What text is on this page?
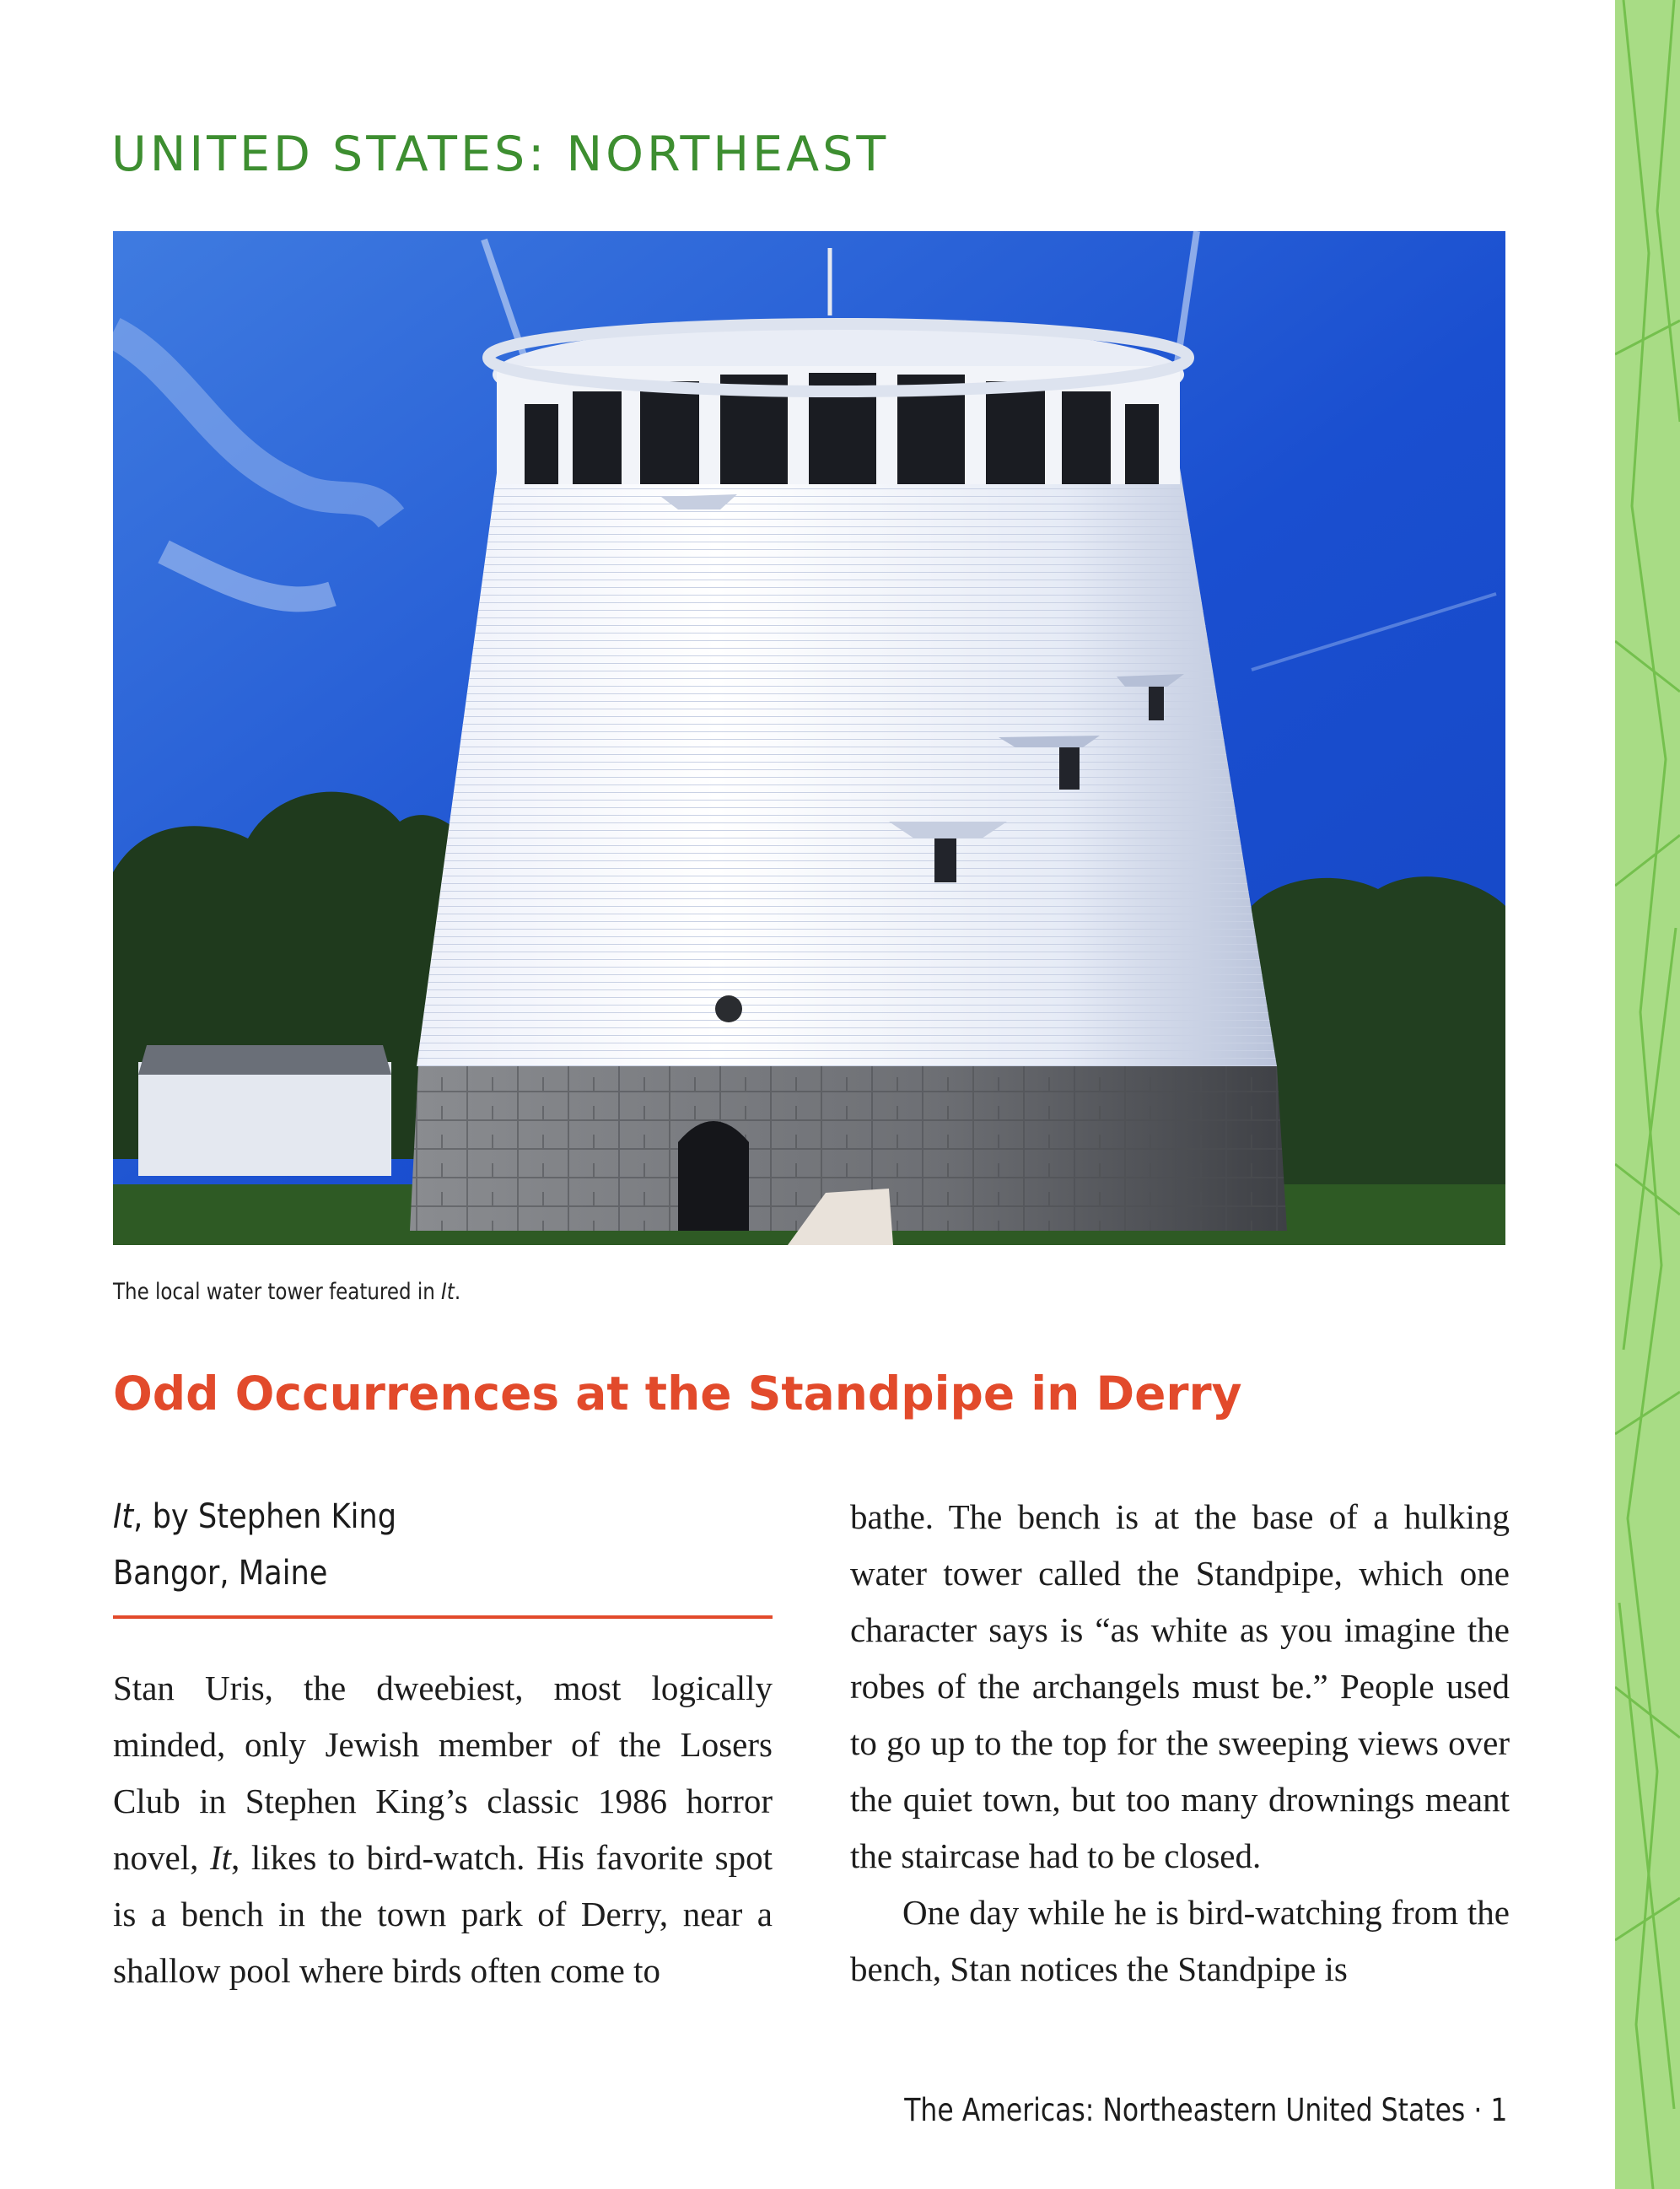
UNITED STATES: NORTHEAST
The local water tower featured in It.
Odd Occurrences at the Standpipe in Derry
It, by Stephen King
Bangor, Maine

Stan Uris, the dweebiest, most logically minded, only Jewish member of the Losers Club in Stephen King’s classic 1986 horror novel, It, likes to bird-watch. His favorite spot is a bench in the town park of Derry, near a shallow pool where birds often come to

bathe. The bench is at the base of a hulking water tower called the Standpipe, which one character says is “as white as you imagine the robes of the archangels must be.” People used to go up to the top for the sweeping views over the quiet town, but too many drownings meant the staircase had to be closed.

One day while he is bird-watching from the bench, Stan notices the Standpipe is

The Americas: Northeastern United States · 1
